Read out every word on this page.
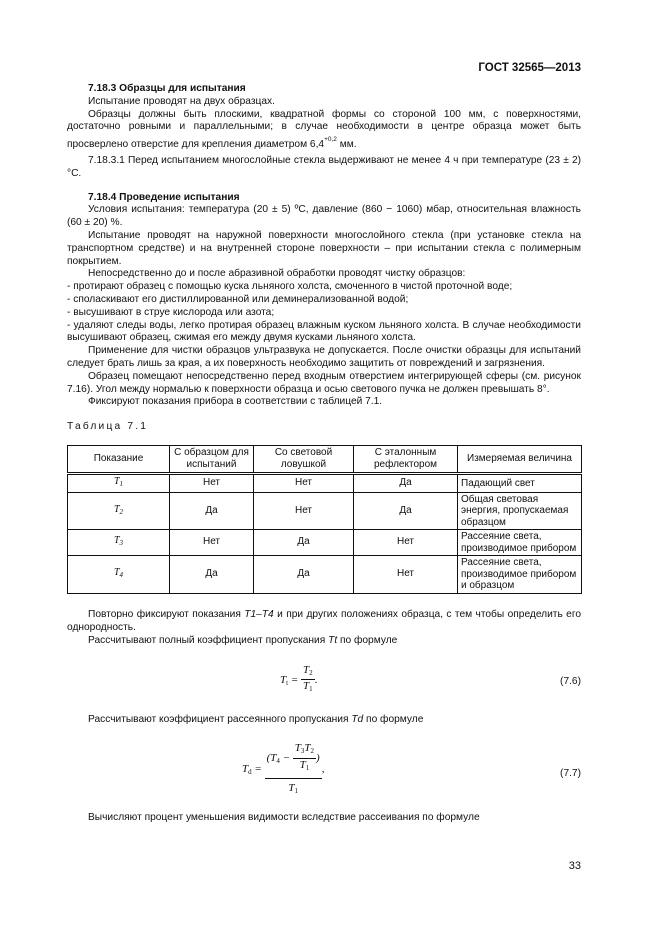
ГОСТ 32565—2013

7.18.3 Образцы для испытания

Испытание проводят на двух образцах.

Образцы должны быть плоскими, квадратной формы со стороной 100 мм, с поверхностями, достаточно ровными и параллельными; в случае необходимости в центре образца может быть просверлено отверстие для крепления диаметром $6,4^{+0,2}$ мм.

7.18.3.1 Перед испытанием многослойные стекла выдерживают не менее 4 ч при температуре (23 ± 2) °С.

7.18.4 Проведение испытания

Условия испытания: температура (20 ± 5) ºС, давление (860 − 1060) мбар, относительная влажность (60 ± 20) %.

Испытание проводят на наружной поверхности многослойного стекла (при установке стекла на транспортном средстве) и на внутренней стороне поверхности – при испытании стекла с полимерным покрытием.

Непосредственно до и после абразивной обработки проводят чистку образцов:

- протирают образец с помощью куска льняного холста, смоченного в чистой проточной воде;

- споласкивают его дистиллированной или деминерализованной водой;

- высушивают в струе кислорода или азота;

- удаляют следы воды, легко протирая образец влажным куском льняного холста. В случае необходимости высушивают образец, сжимая его между двумя кусками льняного холста.

Применение для чистки образцов ультразвука не допускается. После очистки образцы для испытаний следует брать лишь за края, а их поверхность необходимо защитить от повреждений и загрязнения.

Образец помещают непосредственно перед входным отверстием интегрирующей сферы (см. рисунок 7.16). Угол между нормалью к поверхности образца и осью светового пучка не должен превышать 8°.

Фиксируют показания прибора в соответствии с таблицей 7.1.

Таблица 7.1
Показание	С образцом для испытаний	Со световой ловушкой	С эталонным рефлектором	Измеряемая величина
$T_1$	Нет	Нет	Да	Падающий свет
$T_2$	Да	Нет	Да	Общая световая энергия, пропускаемая образцом
$T_3$	Нет	Да	Нет	Рассеяние света, производимое прибором
$T_4$	Да	Да	Нет	Рассеяние света, производимое прибором и образцом

Повторно фиксируют показания T1–T4 и при других положениях образца, с тем чтобы определить его однородность.

Рассчитывают полный коэффициент пропускания Tt по формуле

$Tt = \frac{T2}{T1}$ .	(7.6)

Рассчитывают коэффициент рассеянного пропускания Td по формуле

$Td = \frac{(T4 - \frac{T3T2}{T1} )}{T1}$ ,	(7.7)

Вычисляют процент уменьшения видимости вследствие рассеивания по формуле

33
